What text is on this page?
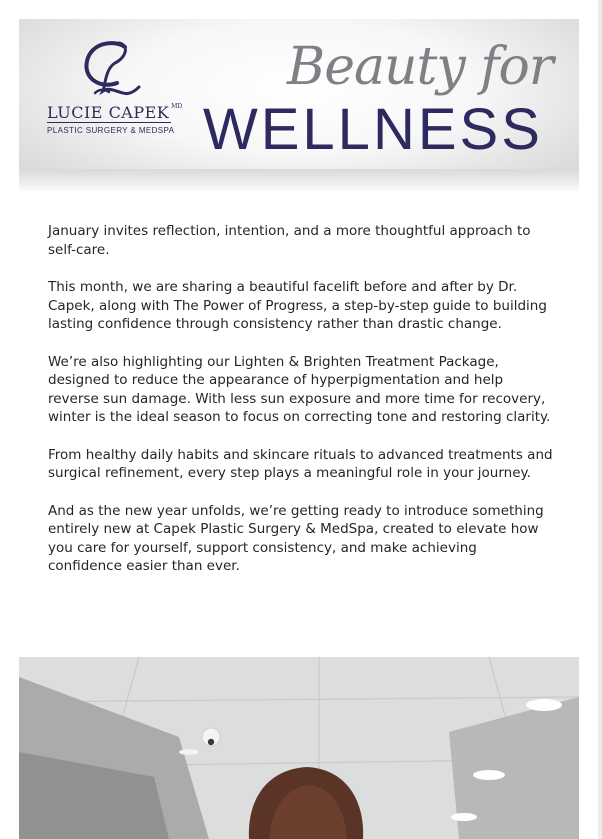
LUCIE CAPEK $^{MD}$
PLASTIC SURGERY & MEDSPA
Beauty for
WELLNESS

January invites reflection, intention, and a more thoughtful approach to self-care.

This month, we are sharing a beautiful facelift before and after by Dr. Capek, along with The Power of Progress, a step-by-step guide to building lasting confidence through consistency rather than drastic change.

We’re also highlighting our Lighten & Brighten Treatment Package, designed to reduce the appearance of hyperpigmentation and help reverse sun damage. With less sun exposure and more time for recovery, winter is the ideal season to focus on correcting tone and restoring clarity.

From healthy daily habits and skincare rituals to advanced treatments and surgical refinement, every step plays a meaningful role in your journey.

And as the new year unfolds, we’re getting ready to introduce something entirely new at Capek Plastic Surgery & MedSpa, created to elevate how you care for yourself, support consistency, and make achieving confidence easier than ever.
